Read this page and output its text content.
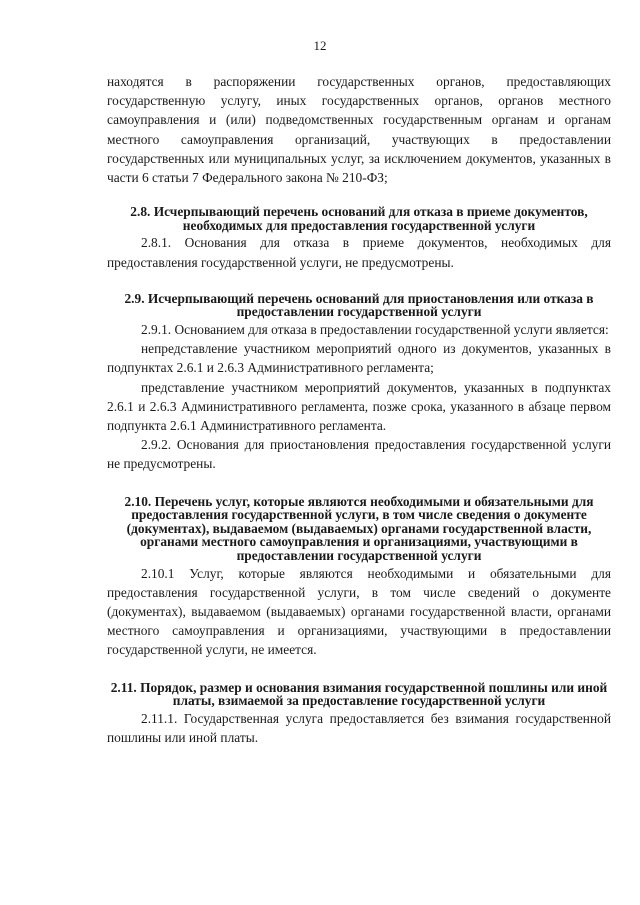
12

находятся в распоряжении государственных органов, предоставляющих государственную услугу, иных государственных органов, органов местного самоуправления и (или) подведомственных государственным органам и органам местного самоуправления организаций, участвующих в предоставлении государственных или муниципальных услуг, за исключением документов, указанных в части 6 статьи 7 Федерального закона № 210-ФЗ;

2.8. Исчерпывающий перечень оснований для отказа в приеме документов, необходимых для предоставления государственной услуги

2.8.1. Основания для отказа в приеме документов, необходимых для предоставления государственной услуги, не предусмотрены.

2.9. Исчерпывающий перечень оснований для приостановления или отказа в предоставлении государственной услуги

2.9.1. Основанием для отказа в предоставлении государственной услуги является:

непредставление участником мероприятий одного из документов, указанных в подпунктах 2.6.1 и 2.6.3 Административного регламента;

представление участником мероприятий документов, указанных в подпунктах 2.6.1 и 2.6.3 Административного регламента, позже срока, указанного в абзаце первом подпункта 2.6.1 Административного регламента.

2.9.2. Основания для приостановления предоставления государственной услуги не предусмотрены.

2.10. Перечень услуг, которые являются необходимыми и обязательными для предоставления государственной услуги, в том числе сведения о документе (документах), выдаваемом (выдаваемых) органами государственной власти, органами местного самоуправления и организациями, участвующими в предоставлении государственной услуги

2.10.1 Услуг, которые являются необходимыми и обязательными для предоставления государственной услуги, в том числе сведений о документе (документах), выдаваемом (выдаваемых) органами государственной власти, органами местного самоуправления и организациями, участвующими в предоставлении государственной услуги, не имеется.

2.11. Порядок, размер и основания взимания государственной пошлины или иной платы, взимаемой за предоставление государственной услуги

2.11.1. Государственная услуга предоставляется без взимания государственной пошлины или иной платы.
